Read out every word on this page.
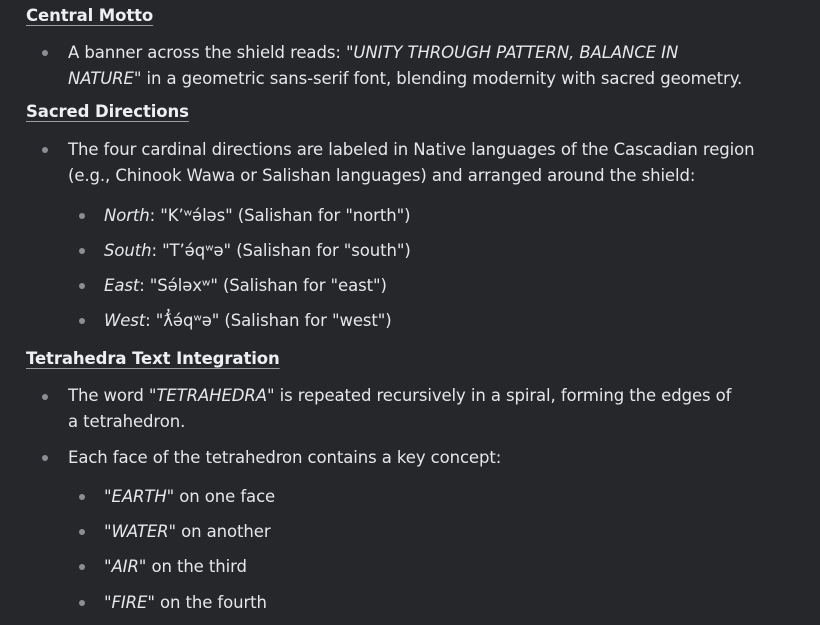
Central Motto
A banner across the shield reads: "UNITY THROUGH PATTERN, BALANCE IN
NATURE" in a geometric sans-serif font, blending modernity with sacred geometry.
Sacred Directions
The four cardinal directions are labeled in Native languages of the Cascadian region
(e.g., Chinook Wawa or Salishan languages) and arranged around the shield:
North: "Kʼʷə́ləs" (Salishan for "north")
South: "Tʼə́qʷə" (Salishan for "south")
East: "Sə́ləxʷ" (Salishan for "east")
West: "ƛ̓ə́qʷə" (Salishan for "west")
Tetrahedra Text Integration
The word "TETRAHEDRA" is repeated recursively in a spiral, forming the edges of
a tetrahedron.
Each face of the tetrahedron contains a key concept:
"EARTH" on one face
"WATER" on another
"AIR" on the third
"FIRE" on the fourth
